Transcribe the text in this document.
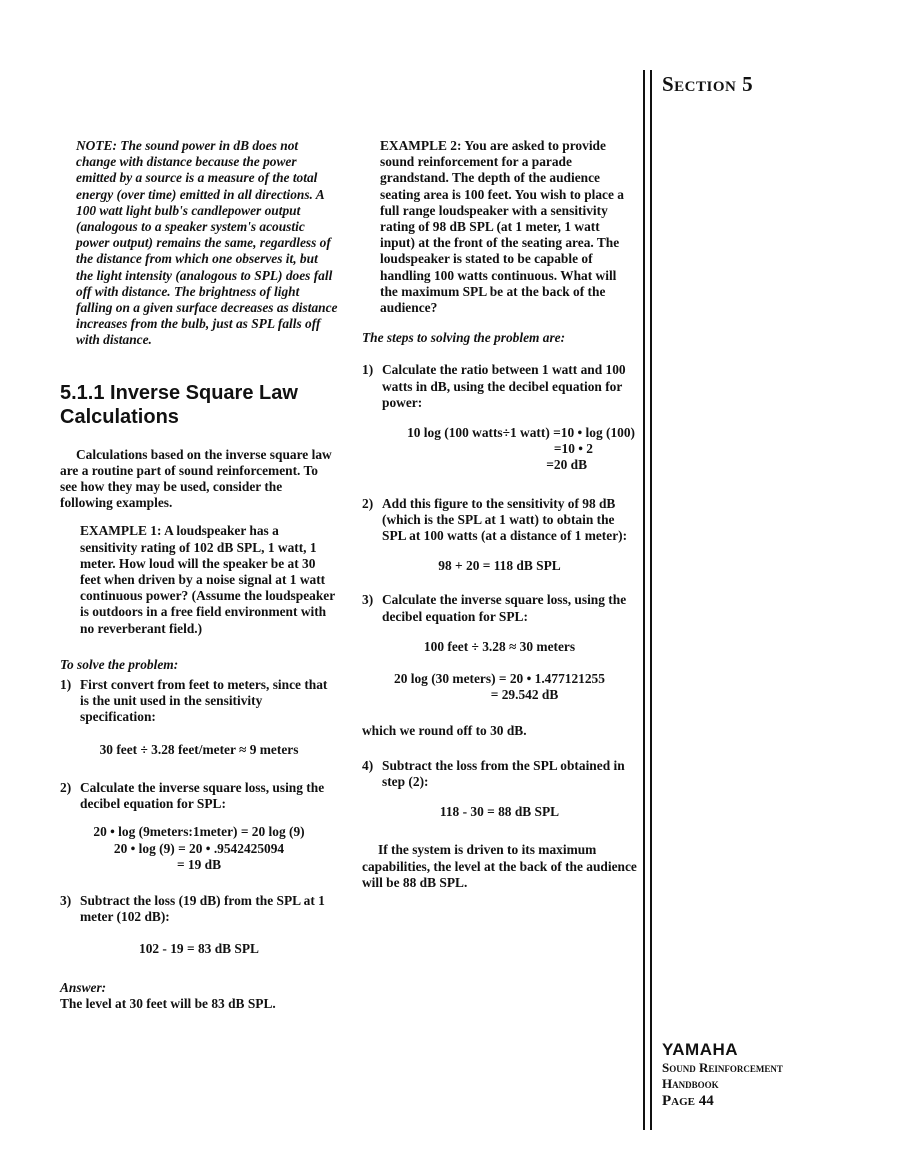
Section 5

NOTE: The sound power in dB does not change with distance because the power emitted by a source is a measure of the total energy (over time) emitted in all directions. A 100 watt light bulb's candlepower output (analogous to a speaker system's acoustic power output) remains the same, regardless of the distance from which one observes it, but the light intensity (analogous to SPL) does fall off with distance. The brightness of light falling on a given surface decreases as distance increases from the bulb, just as SPL falls off with distance.

5.1.1 Inverse Square Law Calculations

Calculations based on the inverse square law are a routine part of sound reinforcement. To see how they may be used, consider the following examples.

EXAMPLE 1: A loudspeaker has a sensitivity rating of 102 dB SPL, 1 watt, 1 meter. How loud will the speaker be at 30 feet when driven by a noise signal at 1 watt continuous power? (Assume the loudspeaker is outdoors in a free field environment with no reverberant field.)

To solve the problem:

1) First convert from feet to meters, since that is the unit used in the sensitivity specification:

30 feet ÷ 3.28 feet/meter ≈ 9 meters

2) Calculate the inverse square loss, using the decibel equation for SPL:

20 • log (9meters:1meter) = 20 log (9)
20 • log (9) = 20 • .9542425094
= 19 dB

3) Subtract the loss (19 dB) from the SPL at 1 meter (102 dB):

102 - 19 = 83 dB SPL

Answer:

The level at 30 feet will be 83 dB SPL.

EXAMPLE 2: You are asked to provide sound reinforcement for a parade grandstand. The depth of the audience seating area is 100 feet. You wish to place a full range loudspeaker with a sensitivity rating of 98 dB SPL (at 1 meter, 1 watt input) at the front of the seating area. The loudspeaker is stated to be capable of handling 100 watts continuous. What will the maximum SPL be at the back of the audience?

The steps to solving the problem are:

1) Calculate the ratio between 1 watt and 100 watts in dB, using the decibel equation for power:

10 log (100 watts÷1 watt) =10 • log (100)
=10 • 2
=20 dB

2) Add this figure to the sensitivity of 98 dB (which is the SPL at 1 watt) to obtain the SPL at 100 watts (at a distance of 1 meter):

98 + 20 = 118 dB SPL

3) Calculate the inverse square loss, using the decibel equation for SPL:

100 feet ÷ 3.28 ≈ 30 meters

20 log (30 meters) = 20 • 1.477121255
= 29.542 dB

which we round off to 30 dB.

4) Subtract the loss from the SPL obtained in step (2):

118 - 30 = 88 dB SPL

If the system is driven to its maximum capabilities, the level at the back of the audience will be 88 dB SPL.

YAMAHA
Sound Reinforcement
Handbook
Page 44
